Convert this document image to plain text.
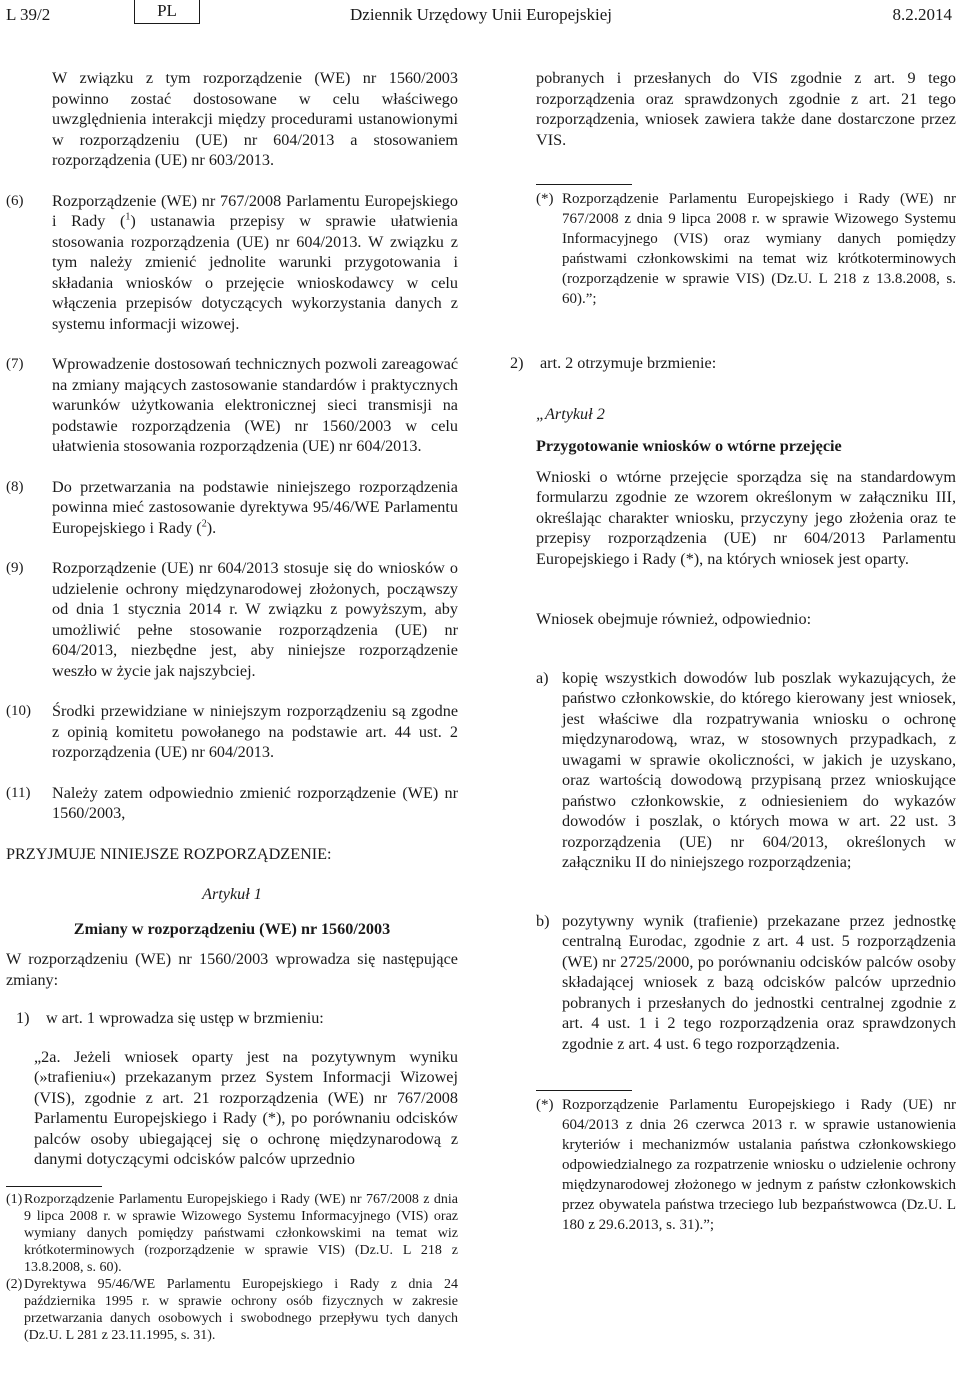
L 39/2	PL	Dziennik Urzędowy Unii Europejskiej	8.2.2014
W związku z tym rozporządzenie (WE) nr 1560/2003 powinno zostać dostosowane w celu właściwego uwzględnienia interakcji między procedurami ustanowionymi w rozporządzeniu (UE) nr 604/2013 a stosowaniem rozporządzenia (UE) nr 603/2013.
(6)	Rozporządzenie (WE) nr 767/2008 Parlamentu Europejskiego i Rady ($^1$) ustanawia przepisy w sprawie ułatwienia stosowania rozporządzenia (UE) nr 604/2013. W związku z tym należy zmienić jednolite warunki przygotowania i składania wniosków o przejęcie wnioskodawcy w celu włączenia przepisów dotyczących wykorzystania danych z systemu informacji wizowej.
(7)	Wprowadzenie dostosowań technicznych pozwoli zareagować na zmiany mających zastosowanie standardów i praktycznych warunków użytkowania elektronicznej sieci transmisji na podstawie rozporządzenia (WE) nr 1560/2003 w celu ułatwienia stosowania rozporządzenia (UE) nr 604/2013.
(8)	Do przetwarzania na podstawie niniejszego rozporządzenia powinna mieć zastosowanie dyrektywa 95/46/WE Parlamentu Europejskiego i Rady ($^2$).
(9)	Rozporządzenie (UE) nr 604/2013 stosuje się do wniosków o udzielenie ochrony międzynarodowej złożonych, począwszy od dnia 1 stycznia 2014 r. W związku z powyższym, aby umożliwić pełne stosowanie rozporządzenia (UE) nr 604/2013, niezbędne jest, aby niniejsze rozporządzenie weszło w życie jak najszybciej.
(10)	Środki przewidziane w niniejszym rozporządzeniu są zgodne z opinią komitetu powołanego na podstawie art. 44 ust. 2 rozporządzenia (UE) nr 604/2013.
(11)	Należy zatem odpowiednio zmienić rozporządzenie (WE) nr 1560/2003,

PRZYJMUJE NINIEJSZE ROZPORZĄDZENIE:

Artykuł 1

Zmiany w rozporządzeniu (WE) nr 1560/2003

W rozporządzeniu (WE) nr 1560/2003 wprowadza się następujące zmiany:

1)	w art. 1 wprowadza się ustęp w brzmieniu:

„2a. Jeżeli wniosek oparty jest na pozytywnym wyniku (»trafieniu«) przekazanym przez System Informacji Wizowej (VIS), zgodnie z art. 21 rozporządzenia (WE) nr 767/2008 Parlamentu Europejskiego i Rady (*), po porównaniu odcisków palców osoby ubiegającej się o ochronę międzynarodową z danymi dotyczącymi odcisków palców uprzednio

(1) Rozporządzenie Parlamentu Europejskiego i Rady (WE) nr 767/2008 z dnia 9 lipca 2008 r. w sprawie Wizowego Systemu Informacyjnego (VIS) oraz wymiany danych pomiędzy państwami członkowskimi na temat wiz krótkoterminowych (rozporządzenie w sprawie VIS) (Dz.U. L 218 z 13.8.2008, s. 60).
(2) Dyrektywa 95/46/WE Parlamentu Europejskiego i Rady z dnia 24 października 1995 r. w sprawie ochrony osób fizycznych w zakresie przetwarzania danych osobowych i swobodnego przepływu tych danych (Dz.U. L 281 z 23.11.1995, s. 31).

pobranych i przesłanych do VIS zgodnie z art. 9 tego rozporządzenia oraz sprawdzonych zgodnie z art. 21 tego rozporządzenia, wniosek zawiera także dane dostarczone przez VIS.

(*) Rozporządzenie Parlamentu Europejskiego i Rady (WE) nr 767/2008 z dnia 9 lipca 2008 r. w sprawie Wizowego Systemu Informacyjnego (VIS) oraz wymiany danych pomiędzy państwami członkowskimi na temat wiz krótkoterminowych (rozporządzenie w sprawie VIS) (Dz.U. L 218 z 13.8.2008, s. 60).”;
2)	art. 2 otrzymuje brzmienie:

„Artykuł 2

Przygotowanie wniosków o wtórne przejęcie

Wnioski o wtórne przejęcie sporządza się na standardowym formularzu zgodnie ze wzorem określonym w załączniku III, określając charakter wniosku, przyczyny jego złożenia oraz te przepisy rozporządzenia (UE) nr 604/2013 Parlamentu Europejskiego i Rady (*), na których wniosek jest oparty.

Wniosek obejmuje również, odpowiednio:

a) kopię wszystkich dowodów lub poszlak wykazujących, że państwo członkowskie, do którego kierowany jest wniosek, jest właściwe dla rozpatrywania wniosku o ochronę międzynarodową, wraz, w stosownych przypadkach, z uwagami w sprawie okoliczności, w jakich je uzyskano, oraz wartością dowodową przypisaną przez wnioskujące państwo członkowskie, z odniesieniem do wykazów dowodów i poszlak, o których mowa w art. 22 ust. 3 rozporządzenia (UE) nr 604/2013, określonych w załączniku II do niniejszego rozporządzenia;
b) pozytywny wynik (trafienie) przekazane przez jednostkę centralną Eurodac, zgodnie z art. 4 ust. 5 rozporządzenia (WE) nr 2725/2000, po porównaniu odcisków palców osoby składającej wniosek z bazą odcisków palców uprzednio pobranych i przesłanych do jednostki centralnej zgodnie z art. 4 ust. 1 i 2 tego rozporządzenia oraz sprawdzonych zgodnie z art. 4 ust. 6 tego rozporządzenia.
(*) Rozporządzenie Parlamentu Europejskiego i Rady (UE) nr 604/2013 z dnia 26 czerwca 2013 r. w sprawie ustanowienia kryteriów i mechanizmów ustalania państwa członkowskiego odpowiedzialnego za rozpatrzenie wniosku o udzielenie ochrony międzynarodowej złożonego w jednym z państw członkowskich przez obywatela państwa trzeciego lub bezpaństwowca (Dz.U. L 180 z 29.6.2013, s. 31).”;
